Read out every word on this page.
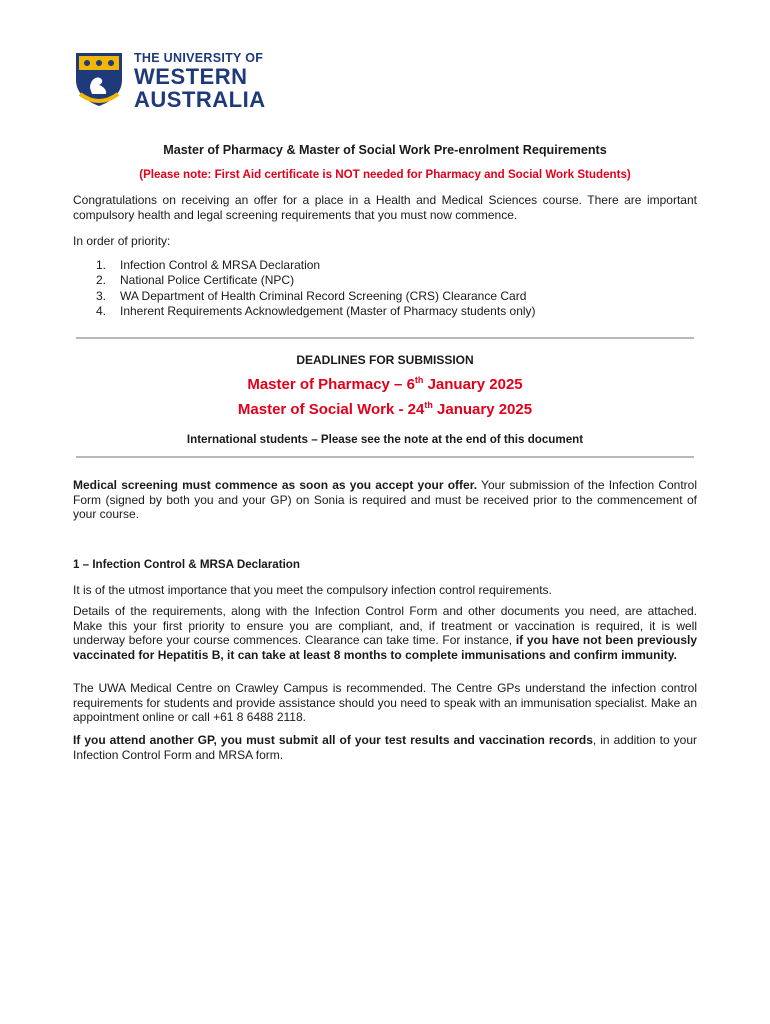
THE UNIVERSITY OF
WESTERN
AUSTRALIA
Master of Pharmacy & Master of Social Work Pre-enrolment Requirements
(Please note: First Aid certificate is NOT needed for Pharmacy and Social Work Students)
Congratulations on receiving an offer for a place in a Health and Medical Sciences course. There are important compulsory health and legal screening requirements that you must now commence.
In order of priority:
1.	Infection Control & MRSA Declaration
2.	National Police Certificate (NPC)
3.	WA Department of Health Criminal Record Screening (CRS) Clearance Card
4.	Inherent Requirements Acknowledgement (Master of Pharmacy students only)
DEADLINES FOR SUBMISSION
Master of Pharmacy – 6th January 2025
Master of Social Work - 24th January 2025
International students – Please see the note at the end of this document
Medical screening must commence as soon as you accept your offer. Your submission of the Infection Control Form (signed by both you and your GP) on Sonia is required and must be received prior to the commencement of your course.
1 – Infection Control & MRSA Declaration
It is of the utmost importance that you meet the compulsory infection control requirements.
Details of the requirements, along with the Infection Control Form and other documents you need, are attached. Make this your first priority to ensure you are compliant, and, if treatment or vaccination is required, it is well underway before your course commences. Clearance can take time. For instance, if you have not been previously vaccinated for Hepatitis B, it can take at least 8 months to complete immunisations and confirm immunity.
The UWA Medical Centre on Crawley Campus is recommended. The Centre GPs understand the infection control requirements for students and provide assistance should you need to speak with an immunisation specialist. Make an appointment online or call +61 8 6488 2118.
If you attend another GP, you must submit all of your test results and vaccination records, in addition to your Infection Control Form and MRSA form.
